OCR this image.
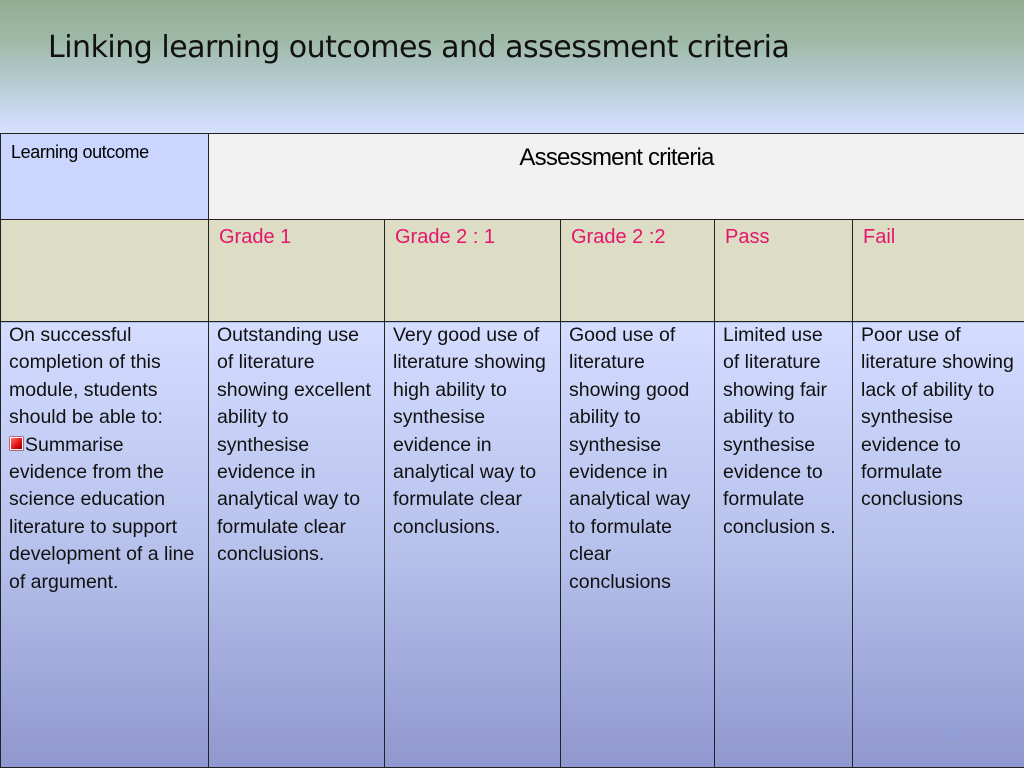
Linking learning outcomes and assessment criteria
Learning outcome	Assessment criteria				
	Grade 1	Grade 2 : 1	Grade 2 :2	Pass	Fail
On successful completion of this module, students should be able to:
Summarise evidence from the science education literature to support development of a line of argument.	Outstanding use of literature showing excellent ability to synthesise evidence in analytical way to formulate clear conclusions.	Very good use of literature showing high ability to synthesise evidence in analytical way to formulate clear conclusions.	Good use of literature showing good ability to synthesise evidence in analytical way to formulate clear conclusions	Limited use of literature showing fair ability to synthesise evidence to formulate conclusion s.	Poor use of literature showing lack of ability to synthesise evidence to formulate conclusions
16
